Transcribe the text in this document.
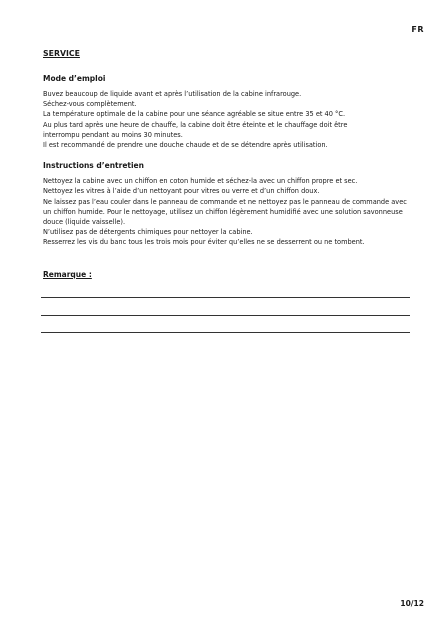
FR
SERVICE
Mode d’emploi

Buvez beaucoup de liquide avant et après l’utilisation de la cabine infrarouge.

Séchez-vous complètement.

La température optimale de la cabine pour une séance agréable se situe entre 35 et 40 °C.

Au plus tard après une heure de chauffe, la cabine doit être éteinte et le chauffage doit être

interrompu pendant au moins 30 minutes.

Il est recommandé de prendre une douche chaude et de se détendre après utilisation.

Instructions d’entretien

Nettoyez la cabine avec un chiffon en coton humide et séchez-la avec un chiffon propre et sec.

Nettoyez les vitres à l’aide d’un nettoyant pour vitres ou verre et d’un chiffon doux.

Ne laissez pas l’eau couler dans le panneau de commande et ne nettoyez pas le panneau de commande avec

un chiffon humide. Pour le nettoyage, utilisez un chiffon légèrement humidifié avec une solution savonneuse

douce (liquide vaisselle).

N’utilisez pas de détergents chimiques pour nettoyer la cabine.

Resserrez les vis du banc tous les trois mois pour éviter qu’elles ne se desserrent ou ne tombent.

Remarque :
10/12
